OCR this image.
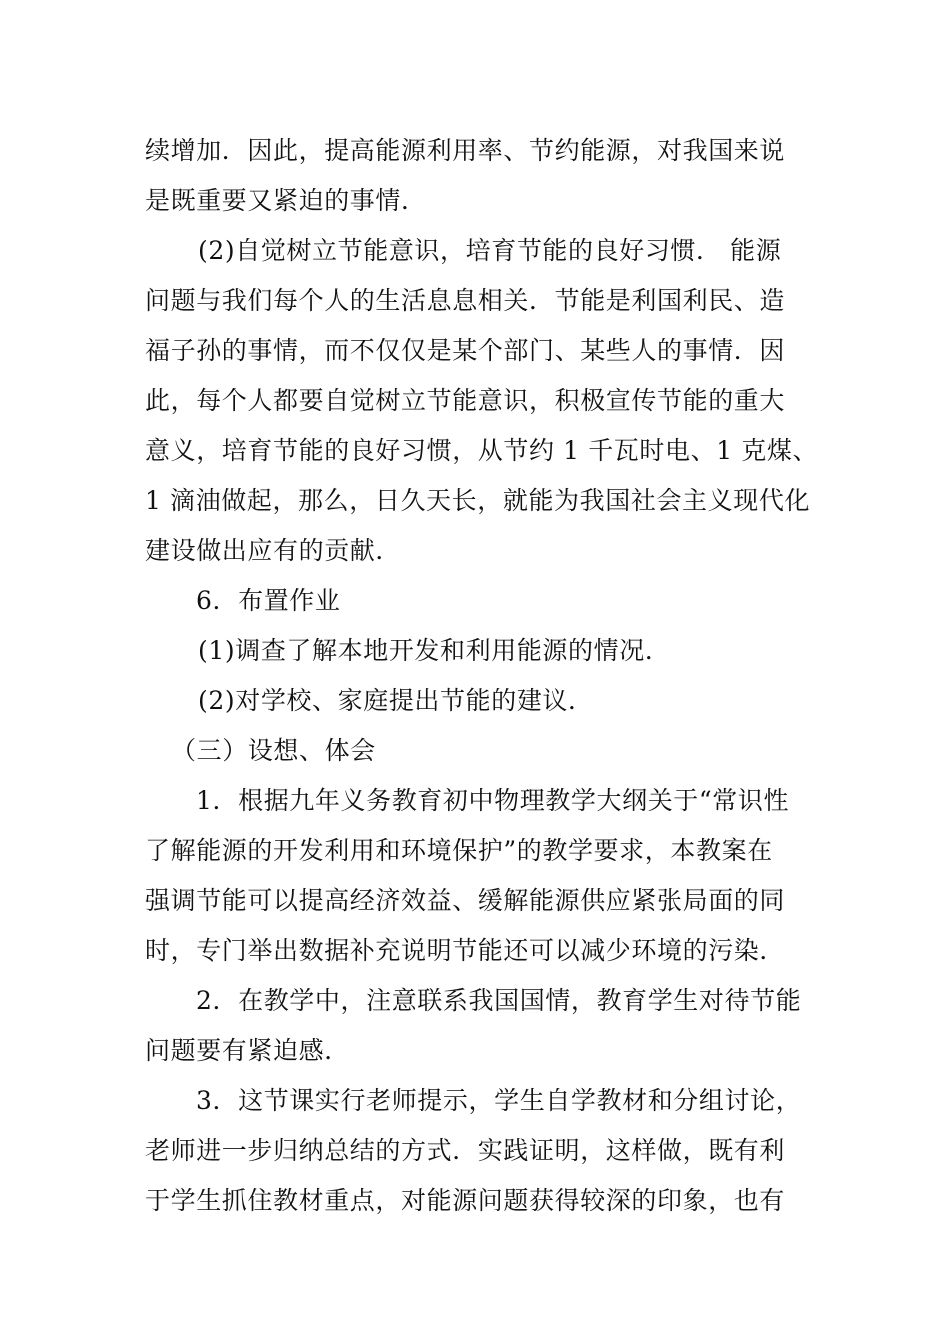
续增加．因此，提高能源利用率、节约能源，对我国来说

是既重要又紧迫的事情．

(2)自觉树立节能意识，培育节能的良好习惯． 能源

问题与我们每个人的生活息息相关．节能是利国利民、造

福子孙的事情，而不仅仅是某个部门、某些人的事情．因

此，每个人都要自觉树立节能意识，积极宣传节能的重大

意义，培育节能的良好习惯，从节约 1 千瓦时电、1 克煤、

1 滴油做起，那么，日久天长，就能为我国社会主义现代化

建设做出应有的贡献．

6．布置作业

(1)调查了解本地开发和利用能源的情况．

(2)对学校、家庭提出节能的建议．

（三）设想、体会

1．根据九年义务教育初中物理教学大纲关于“常识性

了解能源的开发利用和环境保护”的教学要求，本教案在

强调节能可以提高经济效益、缓解能源供应紧张局面的同

时，专门举出数据补充说明节能还可以减少环境的污染．

2．在教学中，注意联系我国国情，教育学生对待节能

问题要有紧迫感．

3．这节课实行老师提示，学生自学教材和分组讨论，

老师进一步归纳总结的方式．实践证明，这样做，既有利

于学生抓住教材重点，对能源问题获得较深的印象，也有
